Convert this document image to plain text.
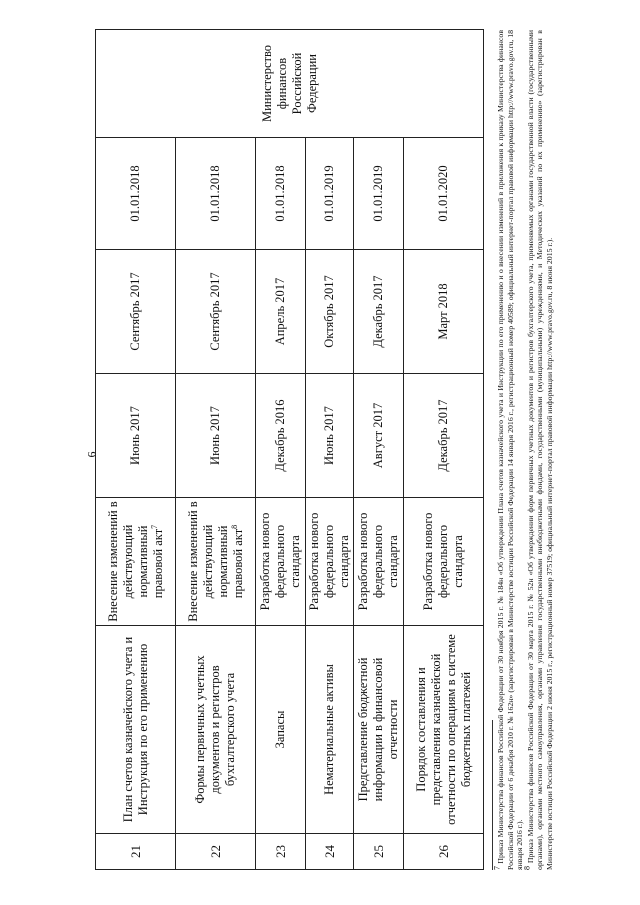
6
21	План счетов казначейского учета и Инструкция по его применению	Внесение изменений в действующий нормативный правовой акт$^7$	Июнь 2017	Сентябрь 2017	01.01.2018	Министерство финансов Российской Федерации
22	Формы первичных учетных документов и регистров бухгалтерского учета	Внесение изменений в действующий нормативный правовой акт$^8$	Июнь 2017	Сентябрь 2017	01.01.2018	
23	Запасы	Разработка нового федерального стандарта	Декабрь 2016	Апрель 2017	01.01.2018	
24	Нематериальные активы	Разработка нового федерального стандарта	Июнь 2017	Октябрь 2017	01.01.2019	
25	Представление бюджетной информации в финансовой отчетности	Разработка нового федерального стандарта	Август 2017	Декабрь 2017	01.01.2019	
26	Порядок составления и представления казначейской отчетности по операциям в системе бюджетных платежей	Разработка нового федерального стандарта	Декабрь 2017	Март 2018	01.01.2020	

$^7$ Приказ Министерства финансов Российской Федерации от 30 ноября 2015 г. № 184н «Об утверждении Плана счетов казначейского учета и Инструкции по его применению и о внесении изменений в приложения к приказу Министерства финансов Российской Федерации от 6 декабря 2010 г. № 162н» (зарегистрирован в Министерстве юстиции Российской Федерации 14 января 2016 г., регистрационный номер 40589; официальный интернет-портал правовой информации http://www.pravo.gov.ru, 18 января 2016 г.).

$^8$ Приказ Министерства финансов Российской Федерации от 30 марта 2015 г. № 52н «Об утверждении форм первичных учетных документов и регистров бухгалтерского учета, применяемых органами государственной власти (государственными органами), органами местного самоуправления, органами управления государственными внебюджетными фондами, государственными (муниципальными) учреждениями, и Методических указаний по их применению» (зарегистрирован в Министерстве юстиции Российской Федерации 2 июня 2015 г., регистрационный номер 37519; официальный интернет-портал правовой информации http://www.pravo.gov.ru, 8 июня 2015 г.).
